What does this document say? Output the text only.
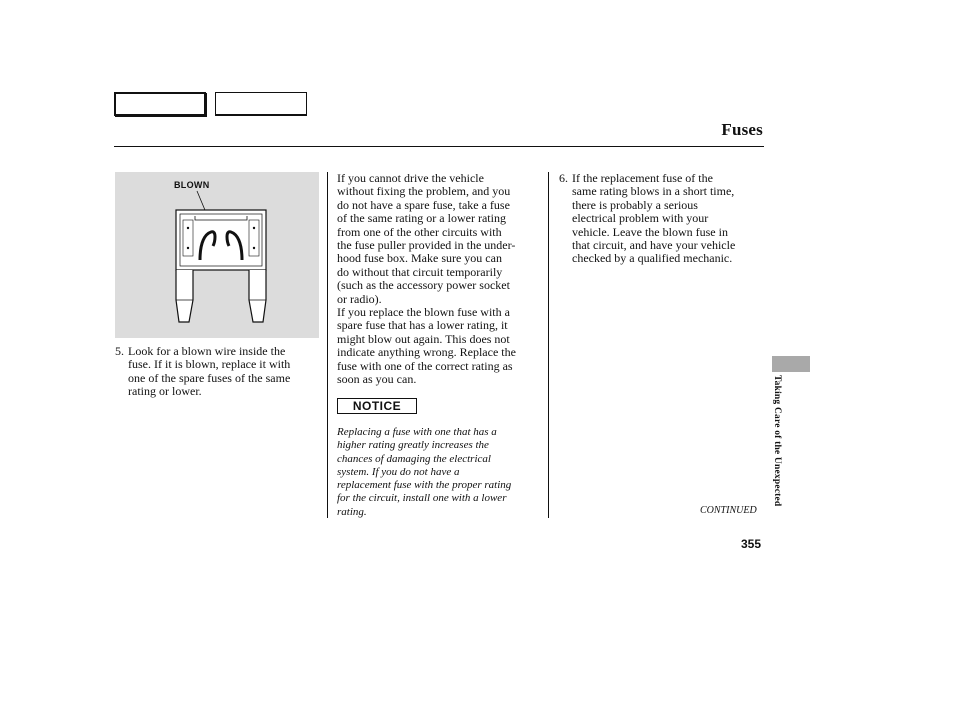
Fuses
BLOWN
5. Look for a blown wire inside the
fuse. If it is blown, replace it with
one of the spare fuses of the same
rating or lower.
If you cannot drive the vehicle
without fixing the problem, and you
do not have a spare fuse, take a fuse
of the same rating or a lower rating
from one of the other circuits with
the fuse puller provided in the under-
hood fuse box. Make sure you can
do without that circuit temporarily
(such as the accessory power socket
or radio).
If you replace the blown fuse with a
spare fuse that has a lower rating, it
might blow out again. This does not
indicate anything wrong. Replace the
fuse with one of the correct rating as
soon as you can.
NOTICE
Replacing a fuse with one that has a
higher rating greatly increases the
chances of damaging the electrical
system. If you do not have a
replacement fuse with the proper rating
for the circuit, install one with a lower
rating.
6. If the replacement fuse of the
same rating blows in a short time,
there is probably a serious
electrical problem with your
vehicle. Leave the blown fuse in
that circuit, and have your vehicle
checked by a qualified mechanic.
CONTINUED
355
Taking Care of the Unexpected
